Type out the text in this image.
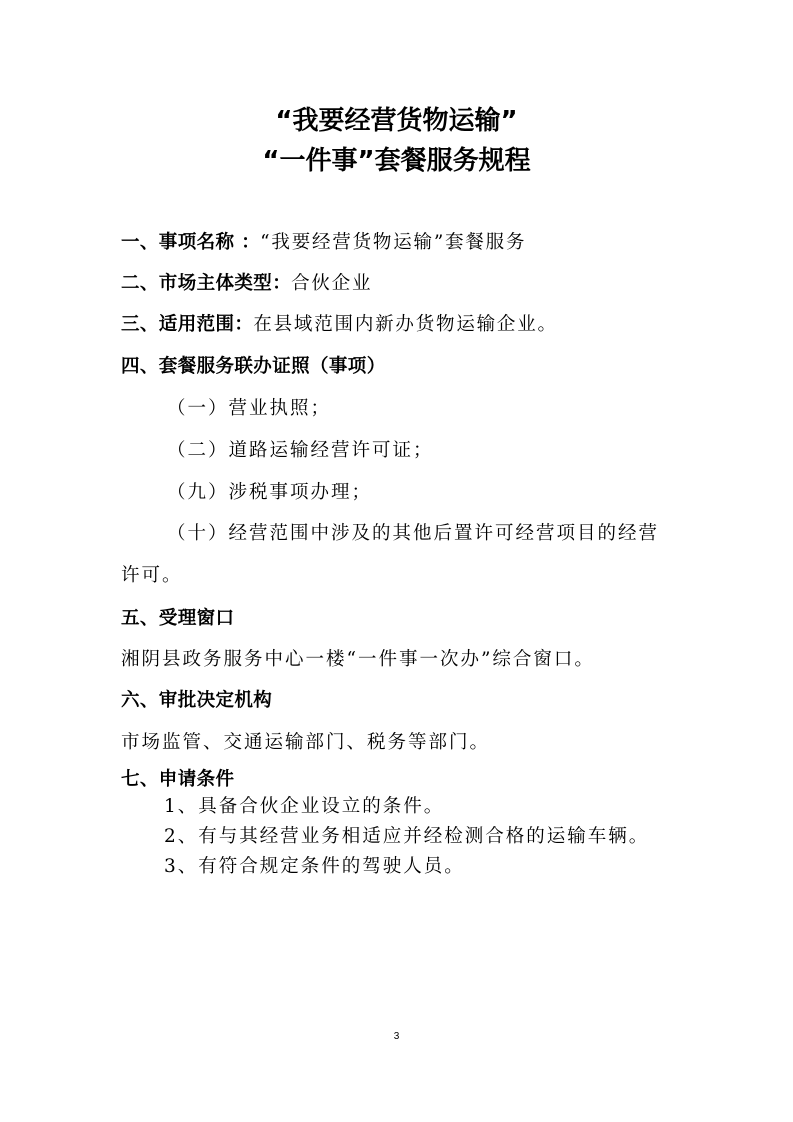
“我要经营货物运输”
“一件事”套餐服务规程
一、事项名称 ：“我要经营货物运输”套餐服务
二、市场主体类型：合伙企业
三、适用范围：在县域范围内新办货物运输企业。
四、套餐服务联办证照（事项）
（一）营业执照；
（二）道路运输经营许可证；
（九）涉税事项办理；
（十）经营范围中涉及的其他后置许可经营项目的经营
许可。
五、受理窗口
湘阴县政务服务中心一楼“一件事一次办”综合窗口。
六、审批决定机构
市场监管、交通运输部门、税务等部门。
七、申请条件
1、具备合伙企业设立的条件。
2、有与其经营业务相适应并经检测合格的运输车辆。
3、有符合规定条件的驾驶人员。
3
